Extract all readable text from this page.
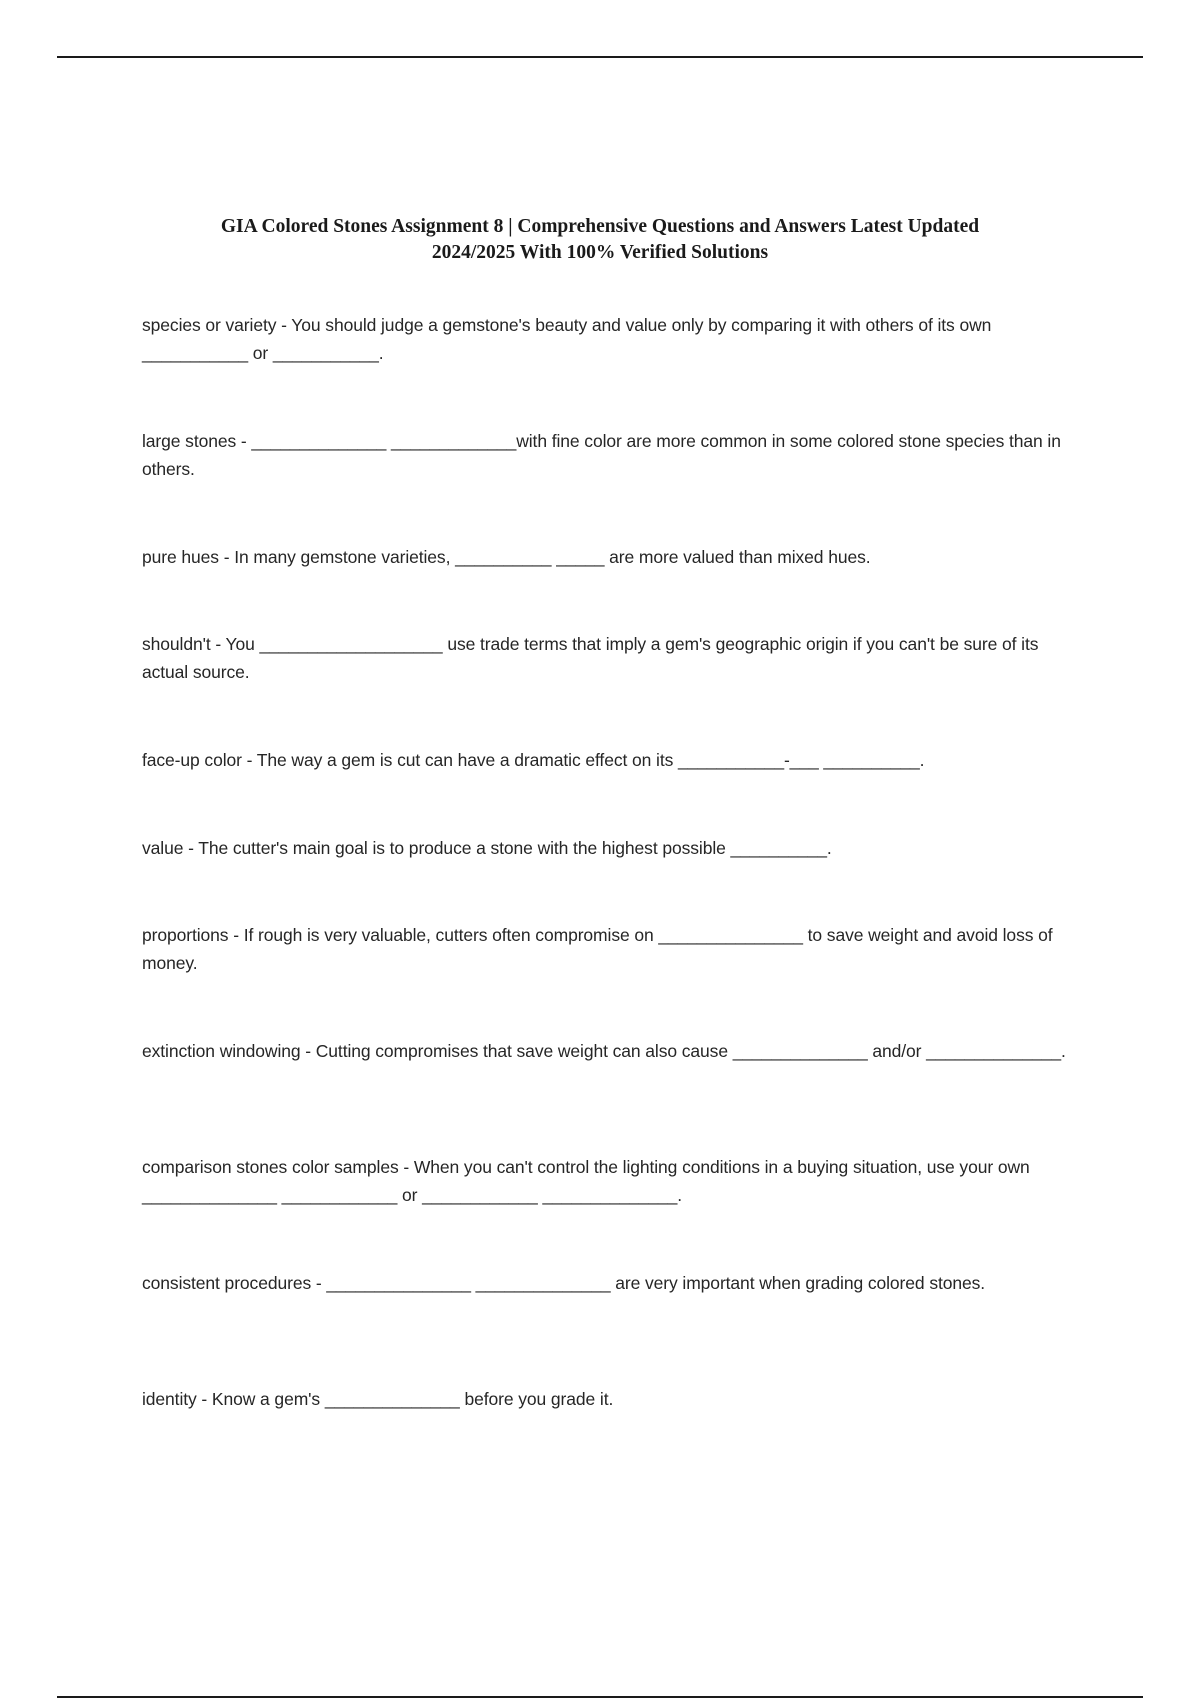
GIA Colored Stones Assignment 8 | Comprehensive Questions and Answers Latest Updated
2024/2025 With 100% Verified Solutions
species or variety - You should judge a gemstone's beauty and value only by comparing it with others of its own ___________ or ___________.
large stones - ______________ _____________with fine color are more common in some colored stone species than in others.
pure hues - In many gemstone varieties, __________ _____ are more valued than mixed hues.
shouldn't - You ___________________ use trade terms that imply a gem's geographic origin if you can't be sure of its actual source.
face-up color - The way a gem is cut can have a dramatic effect on its ___________-___ __________.
value - The cutter's main goal is to produce a stone with the highest possible __________.
proportions - If rough is very valuable, cutters often compromise on _______________ to save weight and avoid loss of money.
extinction windowing - Cutting compromises that save weight can also cause ______________ and/or ______________.
comparison stones color samples - When you can't control the lighting conditions in a buying situation, use your own ______________ ____________ or ____________ ______________.
consistent procedures - _______________ ______________ are very important when grading colored stones.
identity - Know a gem's ______________ before you grade it.
